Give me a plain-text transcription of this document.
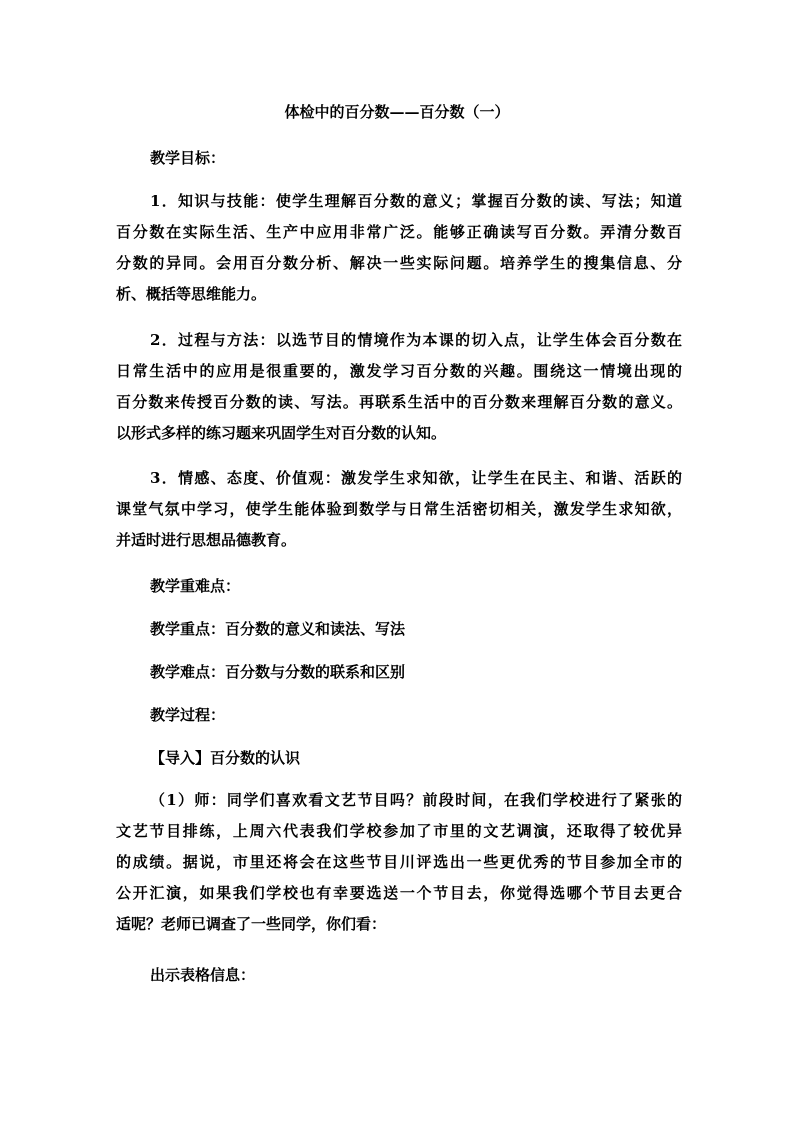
体检中的百分数——百分数（一）
教学目标：
1．知识与技能：使学生理解百分数的意义；掌握百分数的读、写法；知道
百分数在实际生活、生产中应用非常广泛。能够正确读写百分数。弄清分数百
分数的异同。会用百分数分析、解决一些实际问题。培养学生的搜集信息、分
析、概括等思维能力。
2．过程与方法：以选节目的情境作为本课的切入点，让学生体会百分数在
日常生活中的应用是很重要的，激发学习百分数的兴趣。围绕这一情境出现的
百分数来传授百分数的读、写法。再联系生活中的百分数来理解百分数的意义。
以形式多样的练习题来巩固学生对百分数的认知。
3．情感、态度、价值观：激发学生求知欲，让学生在民主、和谐、活跃的
课堂气氛中学习，使学生能体验到数学与日常生活密切相关，激发学生求知欲，
并适时进行思想品德教育。
教学重难点：
教学重点：百分数的意义和读法、写法
教学难点：百分数与分数的联系和区别
教学过程：
【导入】百分数的认识
（1）师：同学们喜欢看文艺节目吗？前段时间，在我们学校进行了紧张的
文艺节目排练，上周六代表我们学校参加了市里的文艺调演，还取得了较优异
的成绩。据说，市里还将会在这些节目川评选出一些更优秀的节目参加全市的
公开汇演，如果我们学校也有幸要选送一个节目去，你觉得选哪个节目去更合
适呢？老师已调查了一些同学，你们看：
出示表格信息：
